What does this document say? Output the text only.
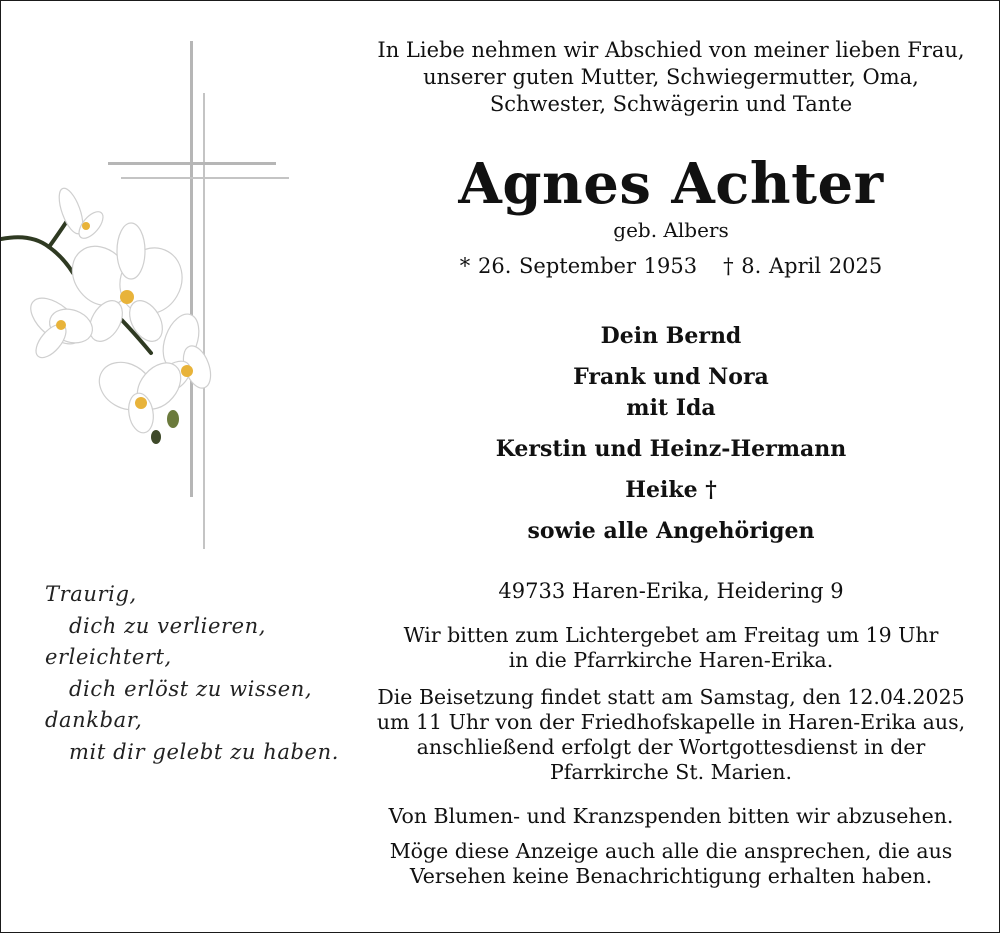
In Liebe nehmen wir Abschied von meiner lieben Frau,
unserer guten Mutter, Schwiegermutter, Oma,
Schwester, Schwägerin und Tante
Agnes Achter
geb. Albers
* 26. September 1953 † 8. April 2025
Dein Bernd
Frank und Nora
mit Ida
Kerstin und Heinz-Hermann
Heike †
sowie alle Angehörigen
Traurig,
dich zu verlieren,
erleichtert,
dich erlöst zu wissen,
dankbar,
mit dir gelebt zu haben.
49733 Haren-Erika, Heidering 9
Wir bitten zum Lichtergebet am Freitag um 19 Uhr
in die Pfarrkirche Haren-Erika.
Die Beisetzung findet statt am Samstag, den 12.04.2025
um 11 Uhr von der Friedhofskapelle in Haren-Erika aus,
anschließend erfolgt der Wortgottesdienst in der
Pfarrkirche St. Marien.
Von Blumen- und Kranzspenden bitten wir abzusehen.
Möge diese Anzeige auch alle die ansprechen, die aus
Versehen keine Benachrichtigung erhalten haben.
